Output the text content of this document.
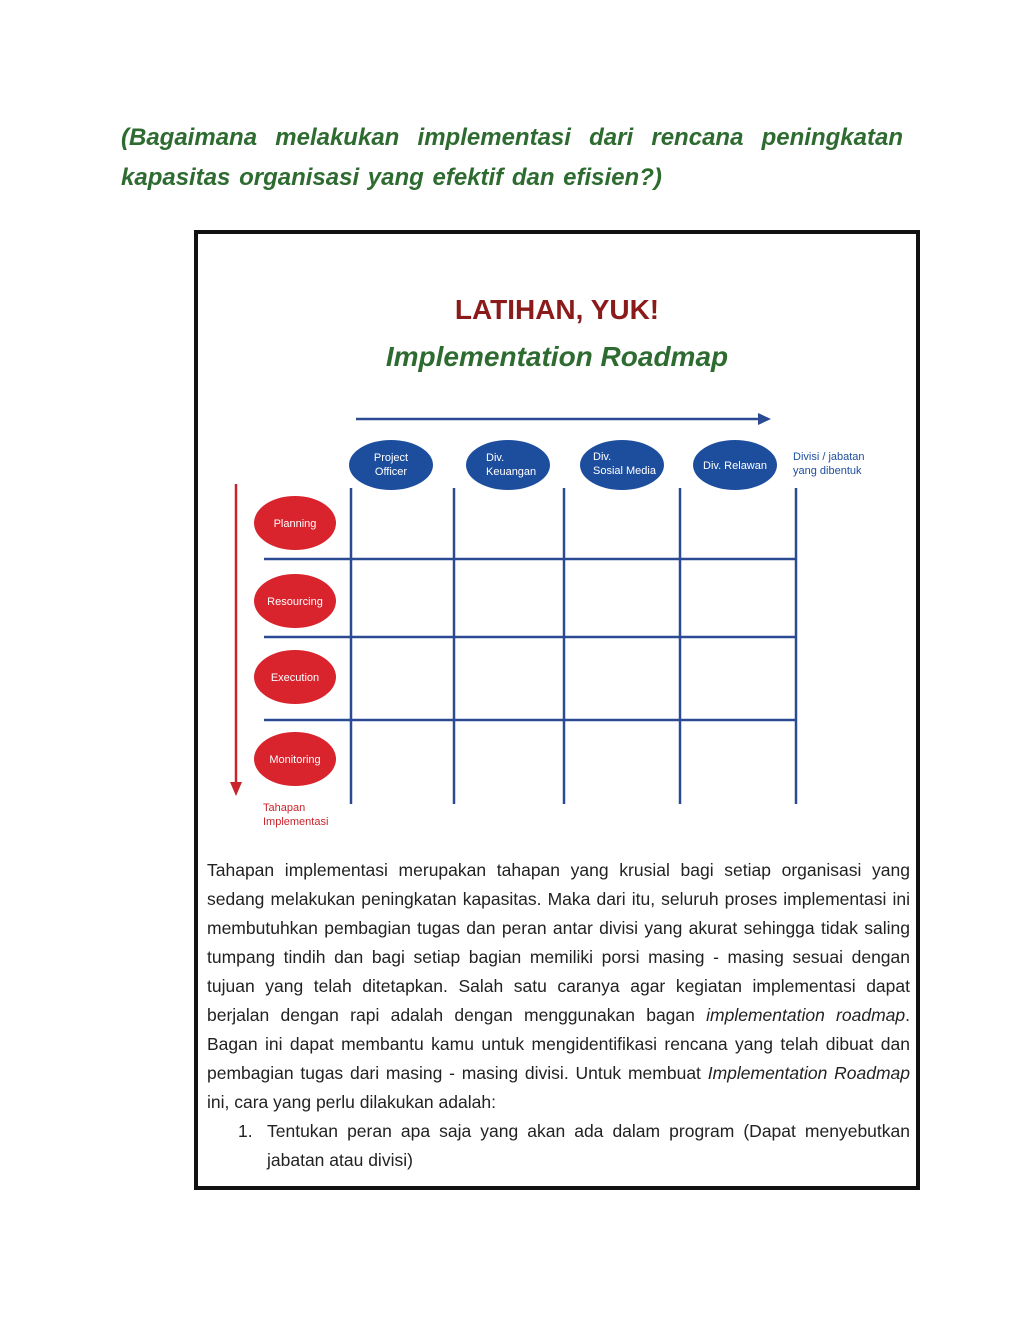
(Bagaimana melakukan implementasi dari rencana peningkatan kapasitas organisasi yang efektif dan efisien?)
LATIHAN, YUK!
Implementation Roadmap
Project
Officer
Div.
Keuangan
Div.
Sosial Media	Div. Relawan
Divisi / jabatan
yang dibentuk
Planning
Resourcing
Execution
Monitoring
Tahapan
Implementasi

Tahapan implementasi merupakan tahapan yang krusial bagi setiap organisasi yang sedang melakukan peningkatan kapasitas. Maka dari itu, seluruh proses implementasi ini membutuhkan pembagian tugas dan peran antar divisi yang akurat sehingga tidak saling tumpang tindih dan bagi setiap bagian memiliki porsi masing - masing sesuai dengan tujuan yang telah ditetapkan. Salah satu caranya agar kegiatan implementasi dapat berjalan dengan rapi adalah dengan menggunakan bagan implementation roadmap. Bagan ini dapat membantu kamu untuk mengidentifikasi rencana yang telah dibuat dan pembagian tugas dari masing - masing divisi. Untuk membuat Implementation Roadmap ini, cara yang perlu dilakukan adalah:

1. Tentukan peran apa saja yang akan ada dalam program (Dapat menyebutkan jabatan atau divisi)
